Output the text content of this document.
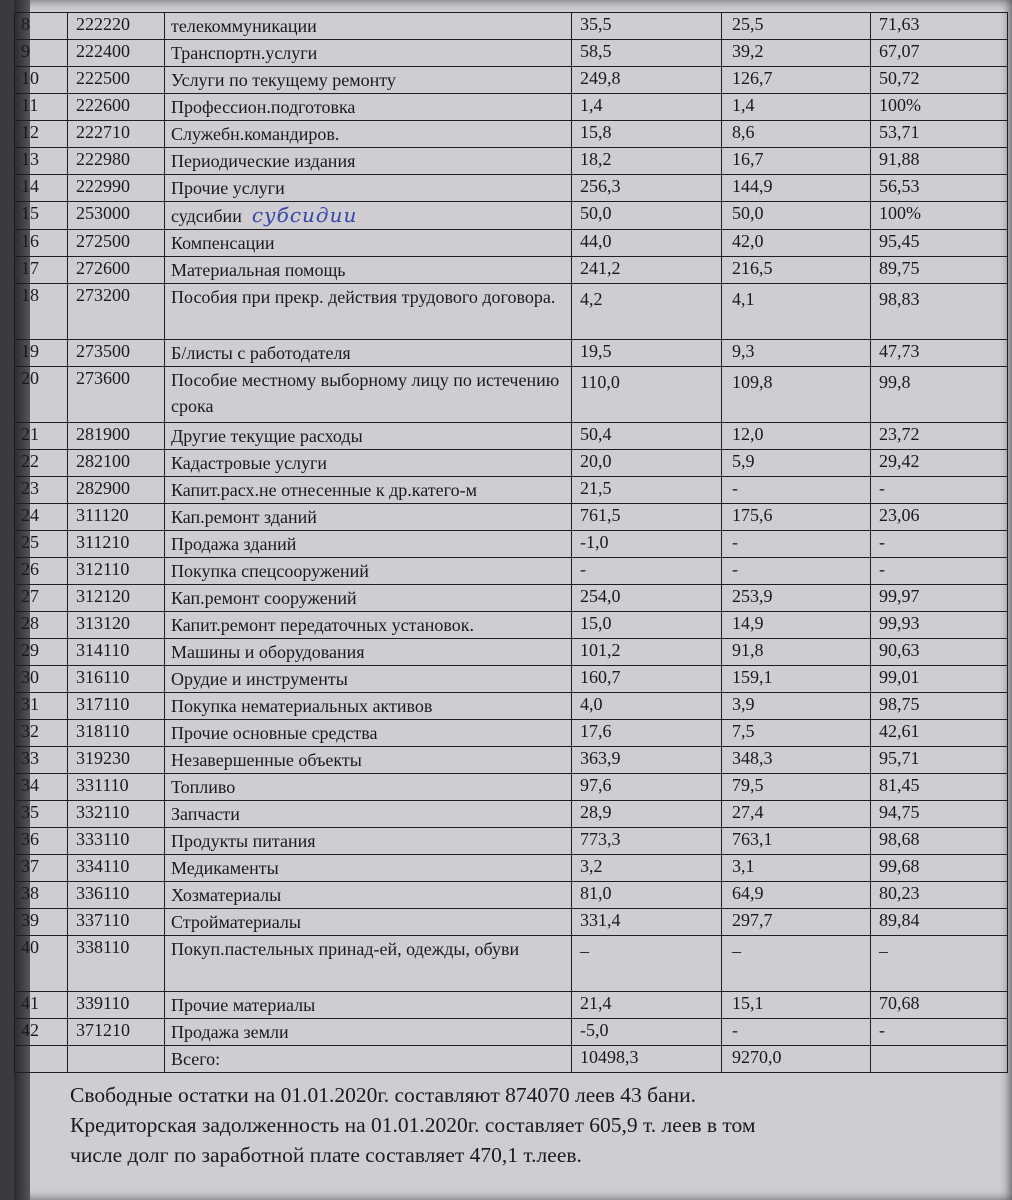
8	222220	телекоммуникации	35,5	25,5	71,63
9	222400	Транспортн.услуги	58,5	39,2	67,07
10	222500	Услуги по текущему ремонту	249,8	126,7	50,72
11	222600	Профессион.подготовка	1,4	1,4	100%
12	222710	Служебн.командиров.	15,8	8,6	53,71
13	222980	Периодические издания	18,2	16,7	91,88
14	222990	Прочие услуги	256,3	144,9	56,53
15	253000	судсибии субсидии	50,0	50,0	100%
16	272500	Компенсации	44,0	42,0	95,45
17	272600	Материальная помощь	241,2	216,5	89,75
18	273200	Пособия при прекр. действия трудового договора.	4,2	4,1	98,83
19	273500	Б/листы с работодателя	19,5	9,3	47,73
20	273600	Пособие местному выборному лицу по истечению срока	110,0	109,8	99,8
21	281900	Другие текущие расходы	50,4	12,0	23,72
22	282100	Кадастровые услуги	20,0	5,9	29,42
23	282900	Капит.расх.не отнесенные к др.катего-м	21,5	-	-
24	311120	Кап.ремонт зданий	761,5	175,6	23,06
25	311210	Продажа зданий	-1,0	-	-
26	312110	Покупка спецсооружений	-	-	-
27	312120	Кап.ремонт сооружений	254,0	253,9	99,97
28	313120	Капит.ремонт передаточных установок.	15,0	14,9	99,93
29	314110	Машины и оборудования	101,2	91,8	90,63
30	316110	Орудие и инструменты	160,7	159,1	99,01
31	317110	Покупка нематериальных активов	4,0	3,9	98,75
32	318110	Прочие основные средства	17,6	7,5	42,61
33	319230	Незавершенные объекты	363,9	348,3	95,71
34	331110	Топливо	97,6	79,5	81,45
35	332110	Запчасти	28,9	27,4	94,75
36	333110	Продукты питания	773,3	763,1	98,68
37	334110	Медикаменты	3,2	3,1	99,68
38	336110	Хозматериалы	81,0	64,9	80,23
39	337110	Стройматериалы	331,4	297,7	89,84
40	338110	Покуп.пастельных принад-ей, одежды, обуви	–	–	–
41	339110	Прочие материалы	21,4	15,1	70,68
42	371210	Продажа земли	-5,0	-	-
		Всего:	10498,3	9270,0	

Свободные остатки на 01.01.2020г. составляют 874070 леев 43 бани.

Кредиторская задолженность на 01.01.2020г. составляет 605,9 т. леев в том

числе долг по заработной плате составляет 470,1 т.леев.
